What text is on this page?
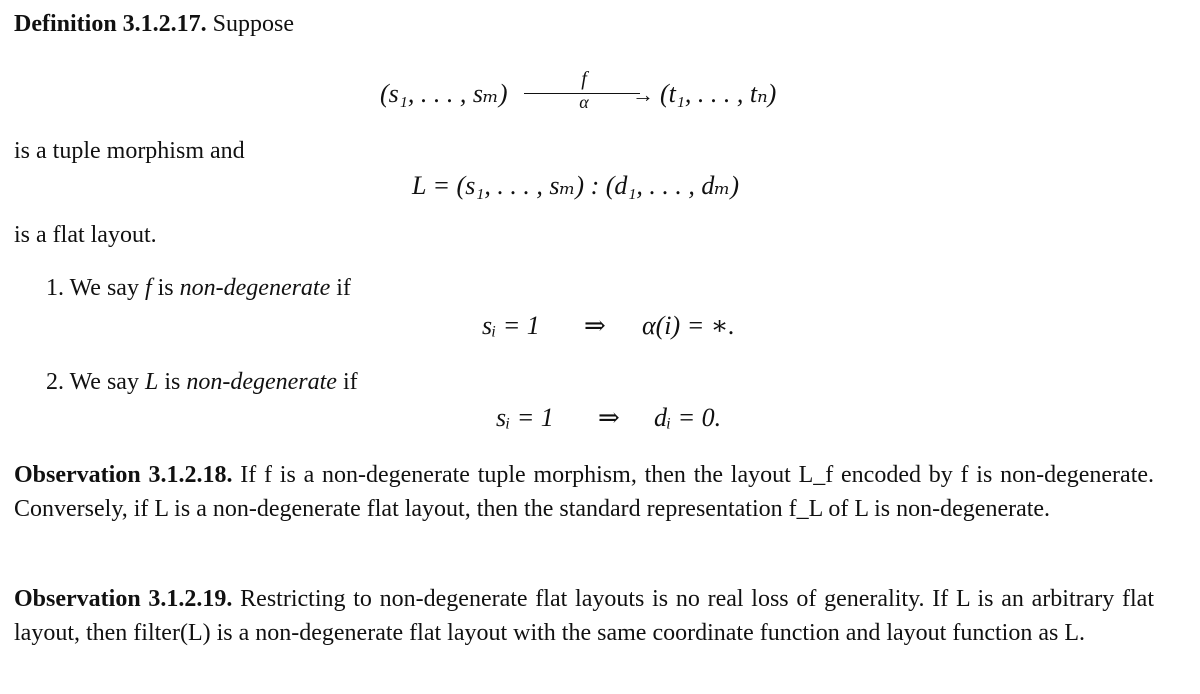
Definition 3.1.2.17. Suppose
(s₁, . . . , sₘ)	f
→
α	(t₁, . . . , tₙ)
is a tuple morphism and
L = (s₁, . . . , sₘ) : (d₁, . . . , dₘ)
is a flat layout.
1. We say f is non-degenerate if
sᵢ = 1 ⇒ α(i) = ∗.
2. We say L is non-degenerate if
sᵢ = 1 ⇒ dᵢ = 0.
Observation 3.1.2.18. If f is a non-degenerate tuple morphism, then the layout L_f encoded by f is non-degenerate. Conversely, if L is a non-degenerate flat layout, then the standard representation f_L of L is non-degenerate.
Observation 3.1.2.19. Restricting to non-degenerate flat layouts is no real loss of generality. If L is an arbitrary flat layout, then filter(L) is a non-degenerate flat layout with the same coordinate function and layout function as L.
